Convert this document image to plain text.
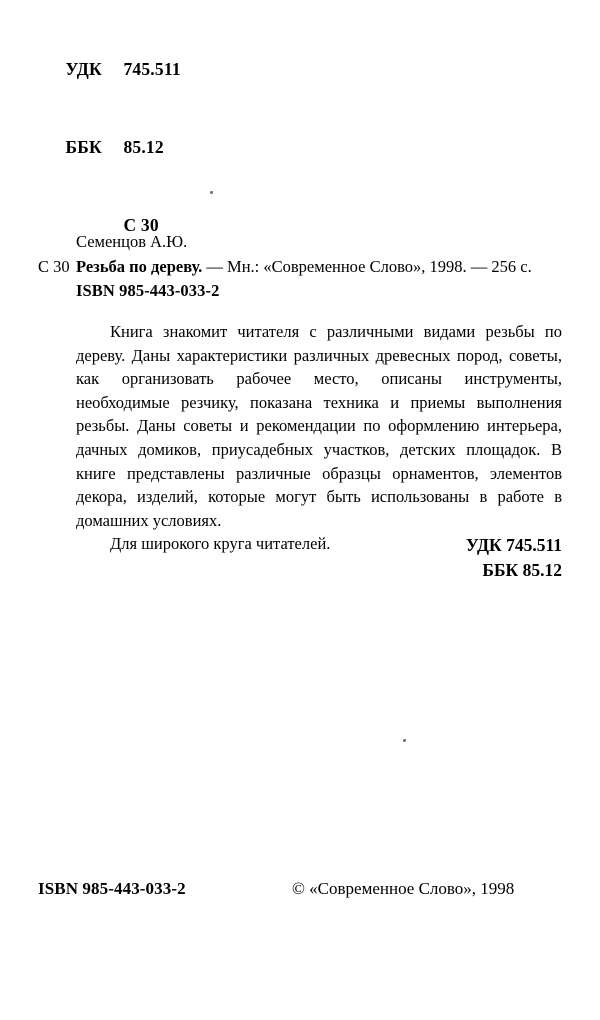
УДК 745.511

ББК 85.12

С 30

Семенцов А.Ю.
С 30 Резьба по дереву. — Мн.: «Современное Слово», 1998. — 256 с.
ISBN 985-443-033-2

Книга знакомит читателя с различными видами резьбы по дереву. Даны характеристики различных древесных пород, советы, как организовать рабочее место, описаны инструменты, необходимые резчику, показана техника и приемы выполнения резьбы. Даны советы и рекомендации по оформлению интерьера, дачных домиков, приусадебных участков, детских площадок. В книге представлены различные образцы орнаментов, элементов декора, изделий, которые могут быть использованы в работе в домашних условиях.

Для широкого круга читателей.	УДК 745.511
ББК 85.12
ISBN 985-443-033-2	© «Современное Слово», 1998
